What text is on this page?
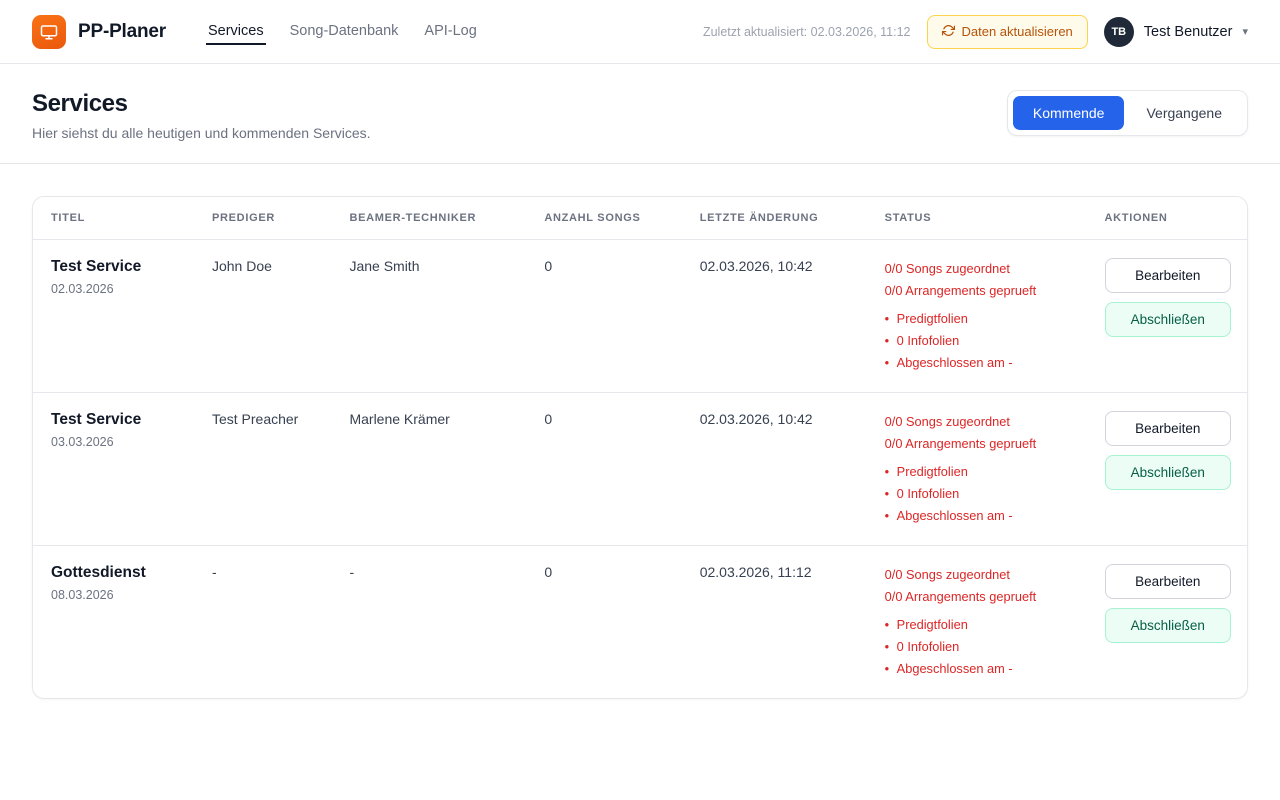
PP-Planer	Services Song-Datenbank API-Log	Zuletzt aktualisiert: 02.03.2026, 11:12	Daten aktualisieren	TB	Test Benutzer ▾
Services
Hier siehst du alle heutigen und kommenden Services.
Kommende	Vergangene
TITEL	PREDIGER	BEAMER-TECHNIKER	ANZAHL SONGS	LETZTE ÄNDERUNG	STATUS	AKTIONEN

Test Service
02.03.2026
	John Doe	Jane Smith	0	02.03.2026, 10:42	0/0 Songs zugeordnet
0/0 Arrangements geprueft
• Predigtfolien
• 0 Infofolien
• Abgeschlossen am -

Bearbeiten
Abschließen

Test Service
03.03.2026
	Test Preacher	Marlene Krämer	0	02.03.2026, 10:42	0/0 Songs zugeordnet
0/0 Arrangements geprueft
• Predigtfolien
• 0 Infofolien
• Abgeschlossen am -

Bearbeiten
Abschließen

Gottesdienst
08.03.2026
	-	-	0	02.03.2026, 11:12	0/0 Songs zugeordnet
0/0 Arrangements geprueft
• Predigtfolien
• 0 Infofolien
• Abgeschlossen am -

Bearbeiten
Abschließen
